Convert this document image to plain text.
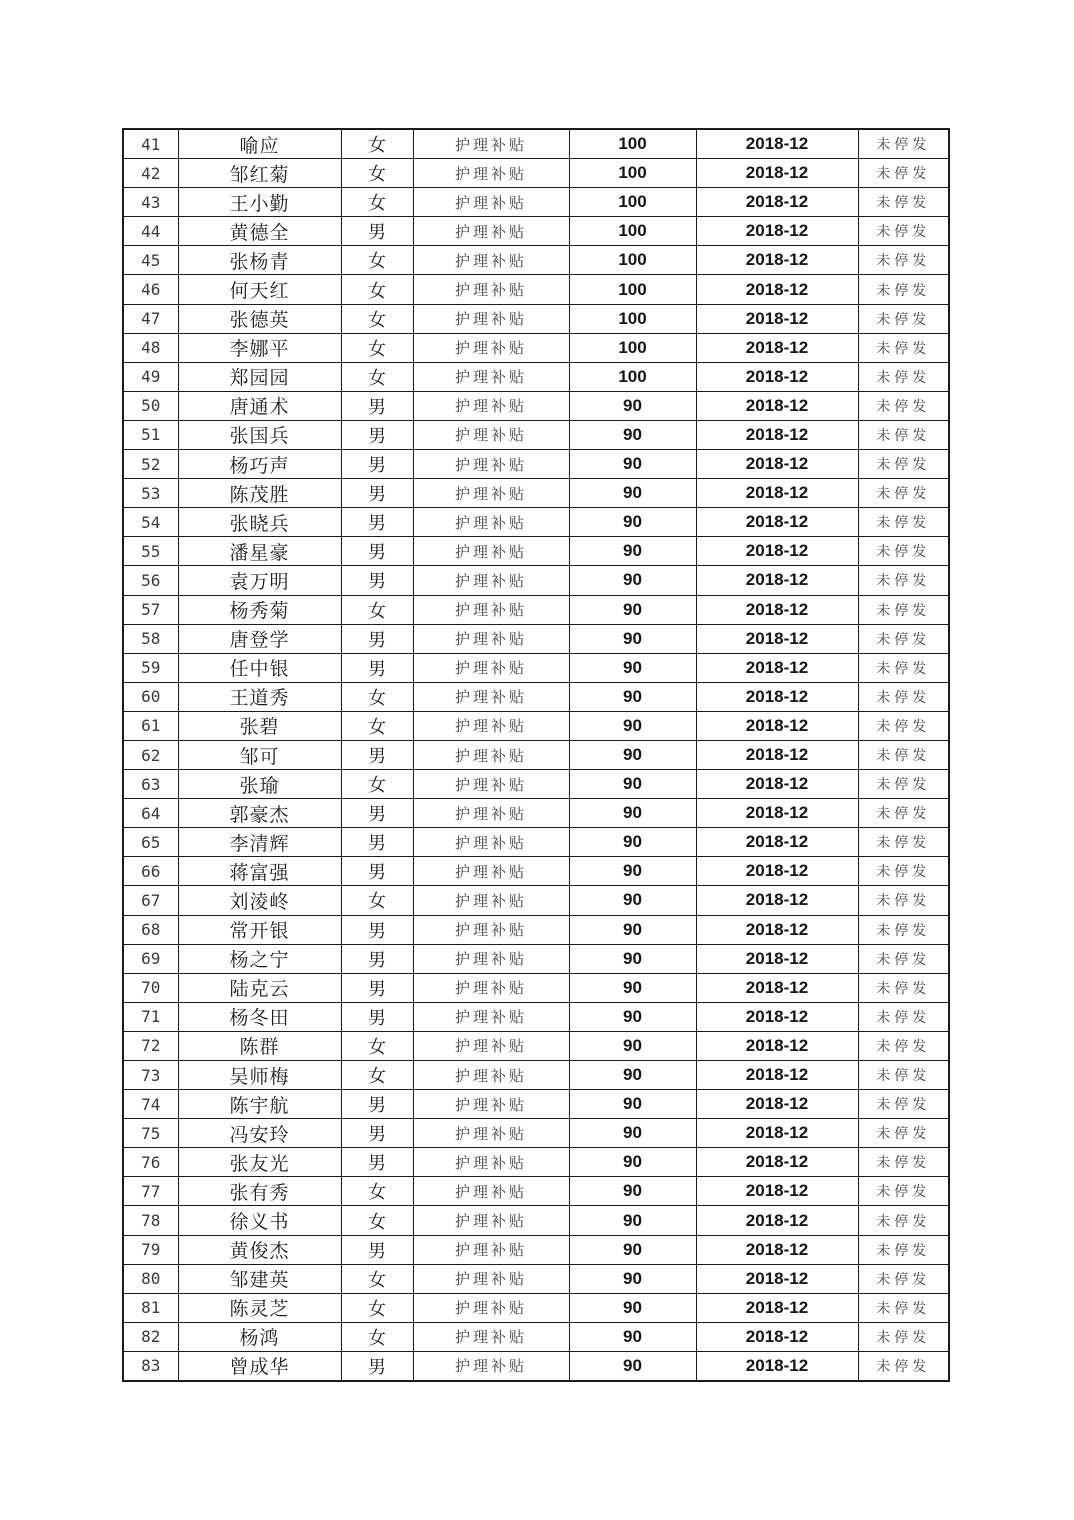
41	喻应	女	护理补贴	100	2018-12	未停发
42	邹红菊	女	护理补贴	100	2018-12	未停发
43	王小勤	女	护理补贴	100	2018-12	未停发
44	黄德全	男	护理补贴	100	2018-12	未停发
45	张杨青	女	护理补贴	100	2018-12	未停发
46	何天红	女	护理补贴	100	2018-12	未停发
47	张德英	女	护理补贴	100	2018-12	未停发
48	李娜平	女	护理补贴	100	2018-12	未停发
49	郑园园	女	护理补贴	100	2018-12	未停发
50	唐通术	男	护理补贴	90	2018-12	未停发
51	张国兵	男	护理补贴	90	2018-12	未停发
52	杨巧声	男	护理补贴	90	2018-12	未停发
53	陈茂胜	男	护理补贴	90	2018-12	未停发
54	张晓兵	男	护理补贴	90	2018-12	未停发
55	潘星豪	男	护理补贴	90	2018-12	未停发
56	袁万明	男	护理补贴	90	2018-12	未停发
57	杨秀菊	女	护理补贴	90	2018-12	未停发
58	唐登学	男	护理补贴	90	2018-12	未停发
59	任中银	男	护理补贴	90	2018-12	未停发
60	王道秀	女	护理补贴	90	2018-12	未停发
61	张碧	女	护理补贴	90	2018-12	未停发
62	邹可	男	护理补贴	90	2018-12	未停发
63	张瑜	女	护理补贴	90	2018-12	未停发
64	郭豪杰	男	护理补贴	90	2018-12	未停发
65	李清辉	男	护理补贴	90	2018-12	未停发
66	蒋富强	男	护理补贴	90	2018-12	未停发
67	刘淩峂	女	护理补贴	90	2018-12	未停发
68	常开银	男	护理补贴	90	2018-12	未停发
69	杨之宁	男	护理补贴	90	2018-12	未停发
70	陆克云	男	护理补贴	90	2018-12	未停发
71	杨冬田	男	护理补贴	90	2018-12	未停发
72	陈群	女	护理补贴	90	2018-12	未停发
73	吴师梅	女	护理补贴	90	2018-12	未停发
74	陈宇航	男	护理补贴	90	2018-12	未停发
75	冯安玲	男	护理补贴	90	2018-12	未停发
76	张友光	男	护理补贴	90	2018-12	未停发
77	张有秀	女	护理补贴	90	2018-12	未停发
78	徐义书	女	护理补贴	90	2018-12	未停发
79	黄俊杰	男	护理补贴	90	2018-12	未停发
80	邹建英	女	护理补贴	90	2018-12	未停发
81	陈灵芝	女	护理补贴	90	2018-12	未停发
82	杨鸿	女	护理补贴	90	2018-12	未停发
83	曾成华	男	护理补贴	90	2018-12	未停发
